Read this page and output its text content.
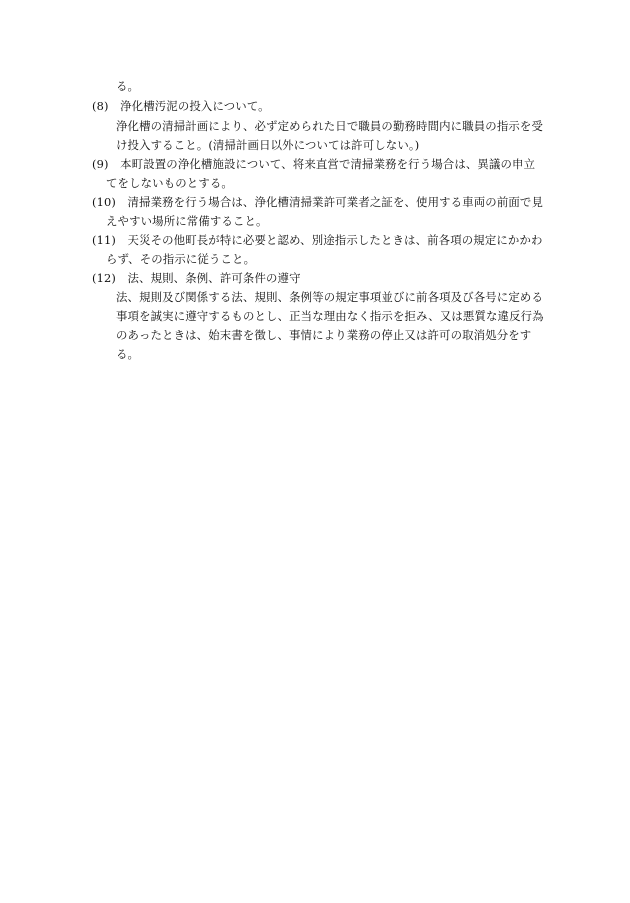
る。
(8)　浄化槽汚泥の投入について。
浄化槽の清掃計画により、必ず定められた日で職員の勤務時間内に職員の指示を受
け投入すること。(清掃計画日以外については許可しない。)
(9)　本町設置の浄化槽施設について、将来直営で清掃業務を行う場合は、異議の申立
てをしないものとする。
(10)　清掃業務を行う場合は、浄化槽清掃業許可業者之証を、使用する車両の前面で見
えやすい場所に常備すること。
(11)　天災その他町長が特に必要と認め、別途指示したときは、前各項の規定にかかわ
らず、その指示に従うこと。
(12)　法、規則、条例、許可条件の遵守
法、規則及び関係する法、規則、条例等の規定事項並びに前各項及び各号に定める
事項を誠実に遵守するものとし、正当な理由なく指示を拒み、又は悪質な違反行為
のあったときは、始末書を徴し、事情により業務の停止又は許可の取消処分をす
る。
